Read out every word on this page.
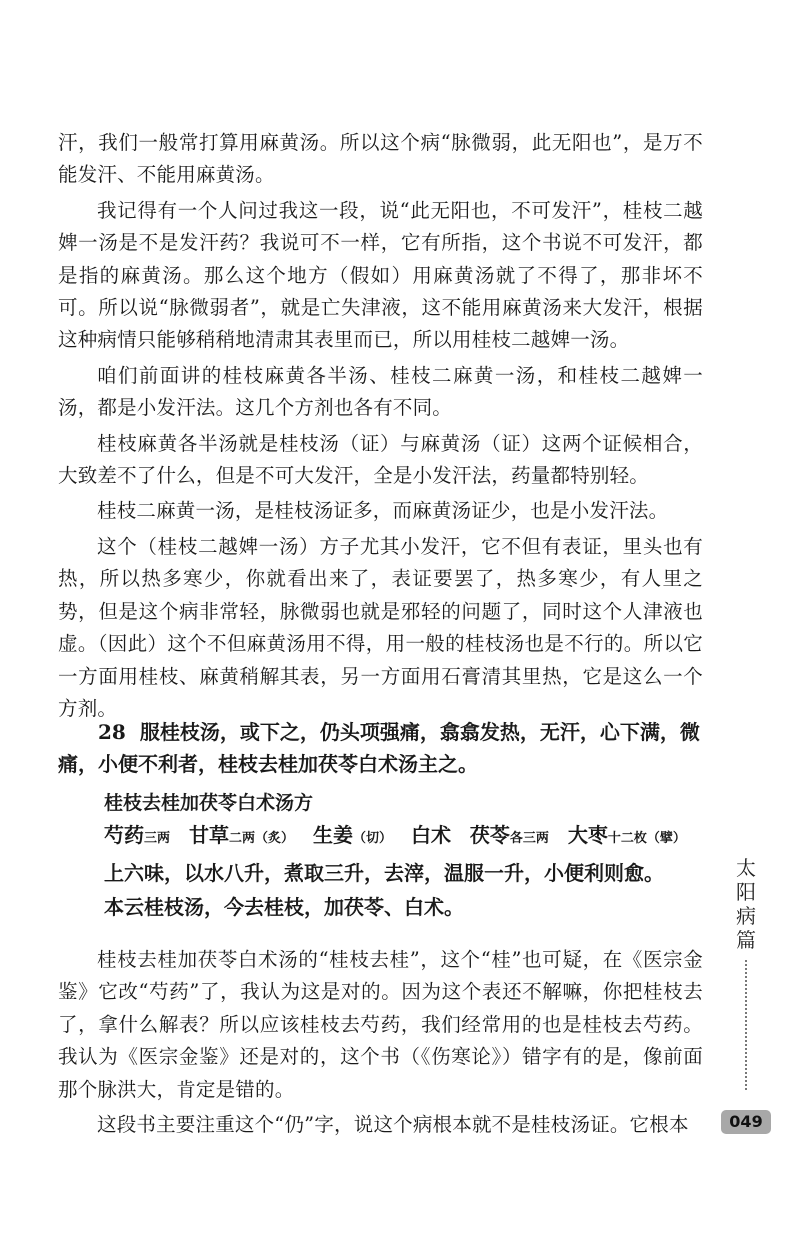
汗，我们一般常打算用麻黄汤。所以这个病“脉微弱，此无阳也”，是万不能发汗、不能用麻黄汤。

我记得有一个人问过我这一段，说“此无阳也，不可发汗”，桂枝二越婢一汤是不是发汗药？我说可不一样，它有所指，这个书说不可发汗，都是指的麻黄汤。那么这个地方（假如）用麻黄汤就了不得了，那非坏不可。所以说“脉微弱者”，就是亡失津液，这不能用麻黄汤来大发汗，根据这种病情只能够稍稍地清肃其表里而已，所以用桂枝二越婢一汤。

咱们前面讲的桂枝麻黄各半汤、桂枝二麻黄一汤，和桂枝二越婢一汤，都是小发汗法。这几个方剂也各有不同。

桂枝麻黄各半汤就是桂枝汤（证）与麻黄汤（证）这两个证候相合，大致差不了什么，但是不可大发汗，全是小发汗法，药量都特别轻。

桂枝二麻黄一汤，是桂枝汤证多，而麻黄汤证少，也是小发汗法。

这个（桂枝二越婢一汤）方子尤其小发汗，它不但有表证，里头也有热，所以热多寒少，你就看出来了，表证要罢了，热多寒少，有人里之势，但是这个病非常轻，脉微弱也就是邪轻的问题了，同时这个人津液也虚。（因此）这个不但麻黄汤用不得，用一般的桂枝汤也是不行的。所以它一方面用桂枝、麻黄稍解其表，另一方面用石膏清其里热，它是这么一个方剂。

28 服桂枝汤，或下之，仍头项强痛，翕翕发热，无汗，心下满，微痛，小便不利者，桂枝去桂加茯苓白术汤主之。

桂枝去桂加茯苓白术汤方
芍药三两 甘草二两（炙） 生姜（切） 白术 茯苓各三两 大枣十二枚（擘）
上六味，以水八升，煮取三升，去滓，温服一升，小便利则愈。
本云桂枝汤，今去桂枝，加茯苓、白术。

桂枝去桂加茯苓白术汤的“桂枝去桂”，这个“桂”也可疑，在《医宗金鉴》它改“芍药”了，我认为这是对的。因为这个表还不解嘛，你把桂枝去了，拿什么解表？所以应该桂枝去芍药，我们经常用的也是桂枝去芍药。我认为《医宗金鉴》还是对的，这个书（《伤寒论》）错字有的是，像前面那个脉洪大，肯定是错的。

这段书主要注重这个“仍”字，说这个病根本就不是桂枝汤证。它根本

太
阳
病
篇
049
